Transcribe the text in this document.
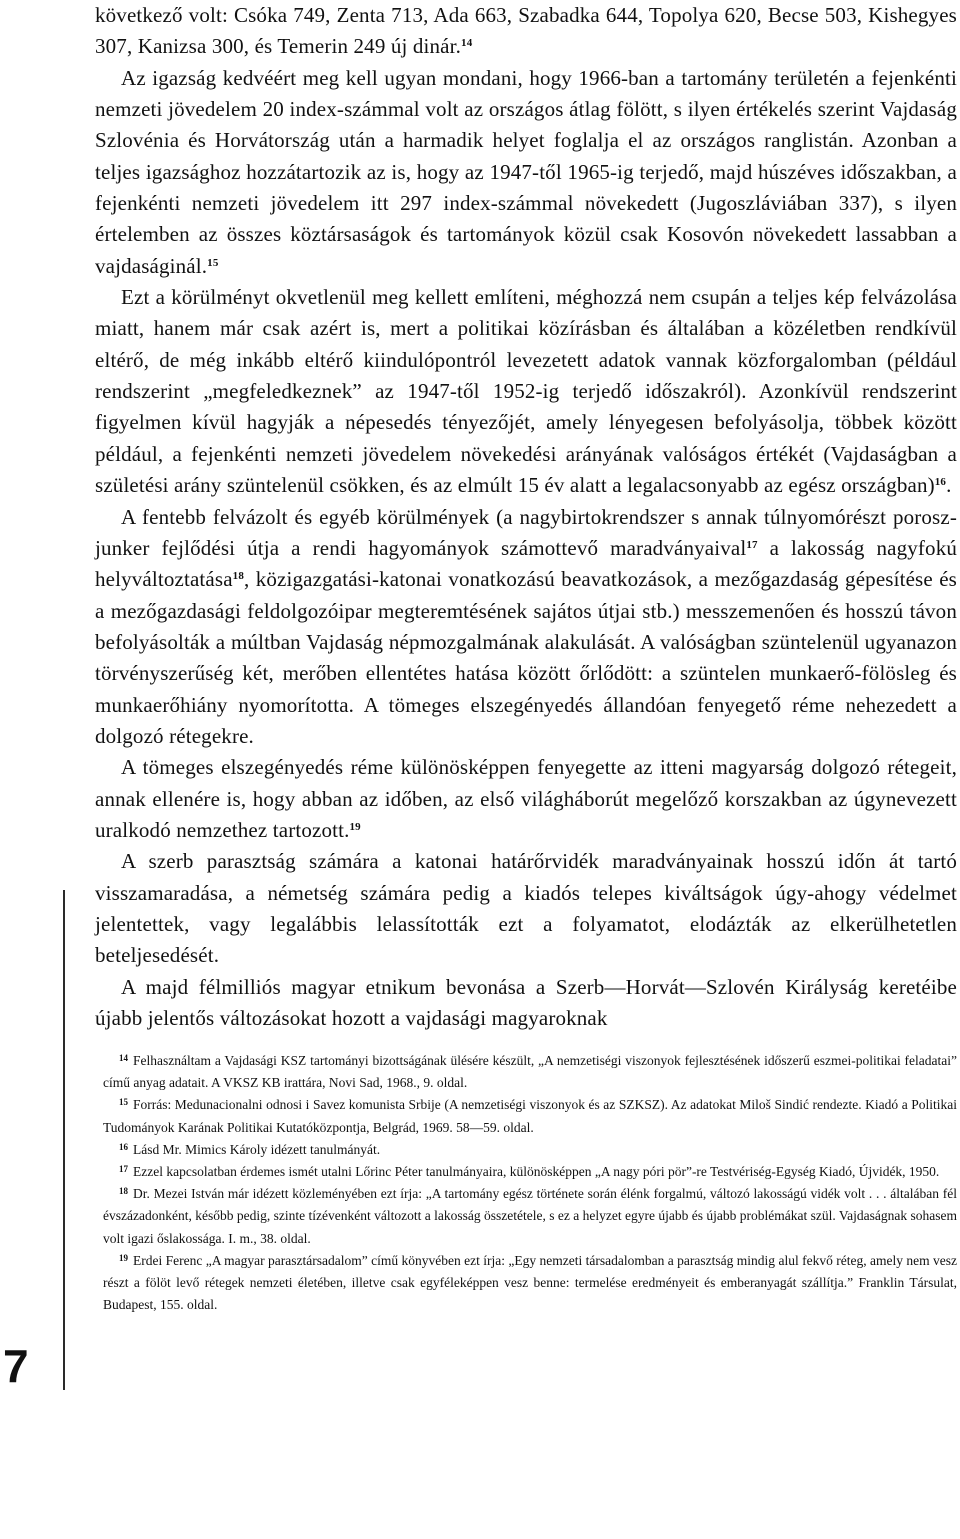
következő volt: Csóka 749, Zenta 713, Ada 663, Szabadka 644, Topolya 620, Becse 503, Kishegyes 307, Kanizsa 300, és Temerin 249 új dinár.$^{14}$

Az igazság kedvéért meg kell ugyan mondani, hogy 1966-ban a tartomány területén a fejenkénti nemzeti jövedelem 20 index-számmal volt az országos átlag fölött, s ilyen értékelés szerint Vajdaság Szlovénia és Horvátország után a harmadik helyet foglalja el az országos ranglistán. Azonban a teljes igazsághoz hozzátartozik az is, hogy az 1947-től 1965-ig terjedő, majd húszéves időszakban, a fejenkénti nemzeti jövedelem itt 297 index-számmal növekedett (Jugoszláviában 337), s ilyen értelemben az összes köztársaságok és tartományok közül csak Kosovón növekedett lassabban a vajdaságinál.$^{15}$

Ezt a körülményt okvetlenül meg kellett említeni, méghozzá nem csupán a teljes kép felvázolása miatt, hanem már csak azért is, mert a politikai közírásban és általában a közéletben rendkívül eltérő, de még inkább eltérő kiindulópontról levezetett adatok vannak közforgalomban (például rendszerint „megfeledkeznek” az 1947-től 1952-ig terjedő időszakról). Azonkívül rendszerint figyelmen kívül hagyják a népesedés tényezőjét, amely lényegesen befolyásolja, többek között például, a fejenkénti nemzeti jövedelem növekedési arányának valóságos értékét (Vajdaságban a születési arány szüntelenül csökken, és az elmúlt 15 év alatt a legalacsonyabb az egész országban)$^{16}$.

A fentebb felvázolt és egyéb körülmények (a nagybirtokrendszer s annak túlnyomórészt porosz-junker fejlődési útja a rendi hagyományok számottevő maradványaival$^{17}$ a lakosság nagyfokú helyváltoztatása$^{18}$, közigazgatási-katonai vonatkozású beavatkozások, a mezőgazdaság gépesítése és a mezőgazdasági feldolgozóipar megteremtésének sajátos útjai stb.) messzemenően és hosszú távon befolyásolták a múltban Vajdaság népmozgalmának alakulását. A valóságban szüntelenül ugyanazon törvényszerűség két, merőben ellentétes hatása között őrlődött: a szüntelen munkaerő-fölösleg és munkaerőhiány nyomorította. A tömeges elszegényedés állandóan fenyegető réme nehezedett a dolgozó rétegekre.

A tömeges elszegényedés réme különösképpen fenyegette az itteni magyarság dolgozó rétegeit, annak ellenére is, hogy abban az időben, az első világháborút megelőző korszakban az úgynevezett uralkodó nemzethez tartozott.$^{19}$

A szerb parasztság számára a katonai határőrvidék maradványainak hosszú időn át tartó visszamaradása, a németség számára pedig a kiadós telepes kiváltságok úgy-ahogy védelmet jelentettek, vagy legalábbis lelassították ezt a folyamatot, elodázták az elkerülhetetlen beteljesedését.

A majd félmilliós magyar etnikum bevonása a Szerb—Horvát—Szlovén Királyság keretéibe újabb jelentős változásokat hozott a vajdasági magyaroknak

$^{14}$ Felhasználtam a Vajdasági KSZ tartományi bizottságának ülésére készült, „A nemzetiségi viszonyok fejlesztésének időszerű eszmei-politikai feladatai” című anyag adatait. A VKSZ KB irattára, Novi Sad, 1968., 9. oldal.

$^{15}$ Forrás: Medunacionalni odnosi i Savez komunista Srbije (A nemzetiségi viszonyok és az SZKSZ). Az adatokat Miloš Sindić rendezte. Kiadó a Politikai Tudományok Karának Politikai Kutatóközpontja, Belgrád, 1969. 58—59. oldal.

$^{16}$ Lásd Mr. Mimics Károly idézett tanulmányát.

$^{17}$ Ezzel kapcsolatban érdemes ismét utalni Lőrinc Péter tanulmányaira, különösképpen „A nagy póri pör”-re Testvériség-Egység Kiadó, Újvidék, 1950.

$^{18}$ Dr. Mezei István már idézett közleményében ezt írja: „A tartomány egész története során élénk forgalmú, változó lakosságú vidék volt . . . általában fél évszázadonként, később pedig, szinte tízévenként változott a lakosság összetétele, s ez a helyzet egyre újabb és újabb problémákat szül. Vajdaságnak sohasem volt igazi őslakossága. I. m., 38. oldal.

$^{19}$ Erdei Ferenc „A magyar parasztársadalom” című könyvében ezt írja: „Egy nemzeti társadalomban a parasztság mindig alul fekvő réteg, amely nem vesz részt a fölöt levő rétegek nemzeti életében, illetve csak egyféleképpen vesz benne: termelése eredményeit és emberanyagát szállítja.” Franklin Társulat, Budapest, 155. oldal.

7
